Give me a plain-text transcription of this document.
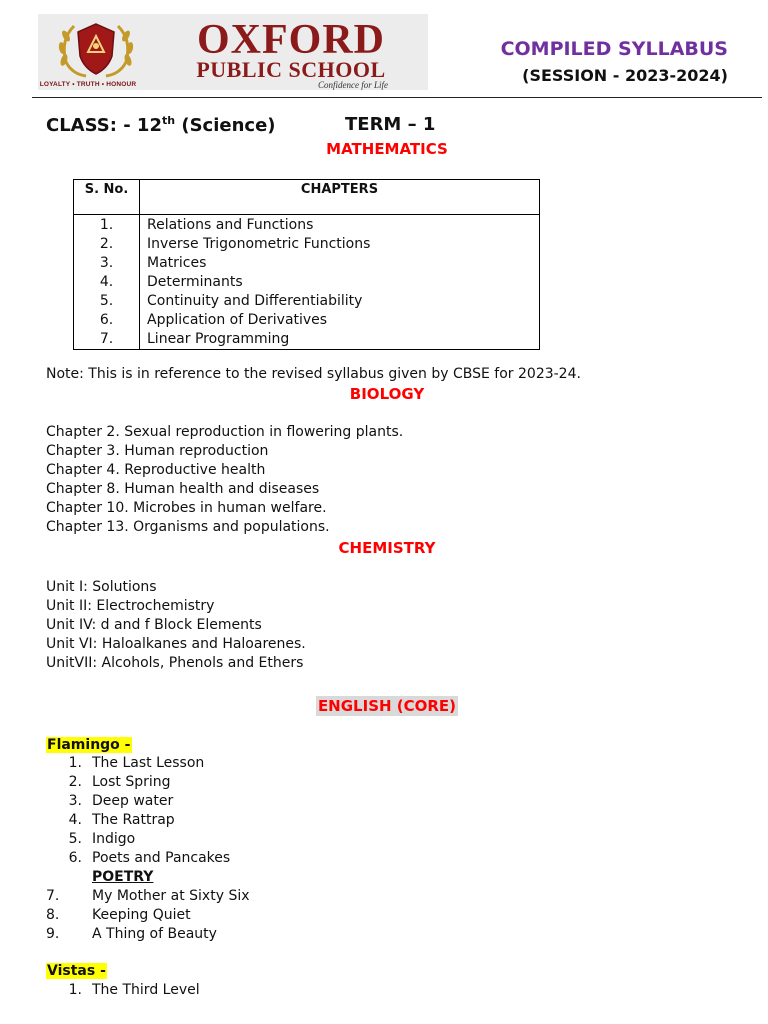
LOYALTY • TRUTH • HONOUR
OXFORD
PUBLIC SCHOOL
Confidence for Life
COMPILED SYLLABUS
(SESSION - 2023-2024)
CLASS: - 12th (Science)	TERM – 1
MATHEMATICS
S. No.	CHAPTERS
1.	Relations and Functions
2.	Inverse Trigonometric Functions
3.	Matrices
4.	Determinants
5.	Continuity and Differentiability
6.	Application of Derivatives
7.	Linear Programming
Note: This is in reference to the revised syllabus given by CBSE for 2023-24.
BIOLOGY
Chapter 2. Sexual reproduction in flowering plants.
Chapter 3. Human reproduction
Chapter 4. Reproductive health
Chapter 8. Human health and diseases
Chapter 10. Microbes in human welfare.
Chapter 13. Organisms and populations.
CHEMISTRY
Unit I: Solutions
Unit II: Electrochemistry
Unit IV: d and f Block Elements
Unit VI: Haloalkanes and Haloarenes.
UnitVII: Alcohols, Phenols and Ethers
ENGLISH (CORE)
Flamingo -
1. The Last Lesson
2. Lost Spring
3. Deep water
4. The Rattrap
5. Indigo
6. Poets and Pancakes
POETRY
7. My Mother at Sixty Six
8. Keeping Quiet
9. A Thing of Beauty
Vistas -
1. The Third Level
